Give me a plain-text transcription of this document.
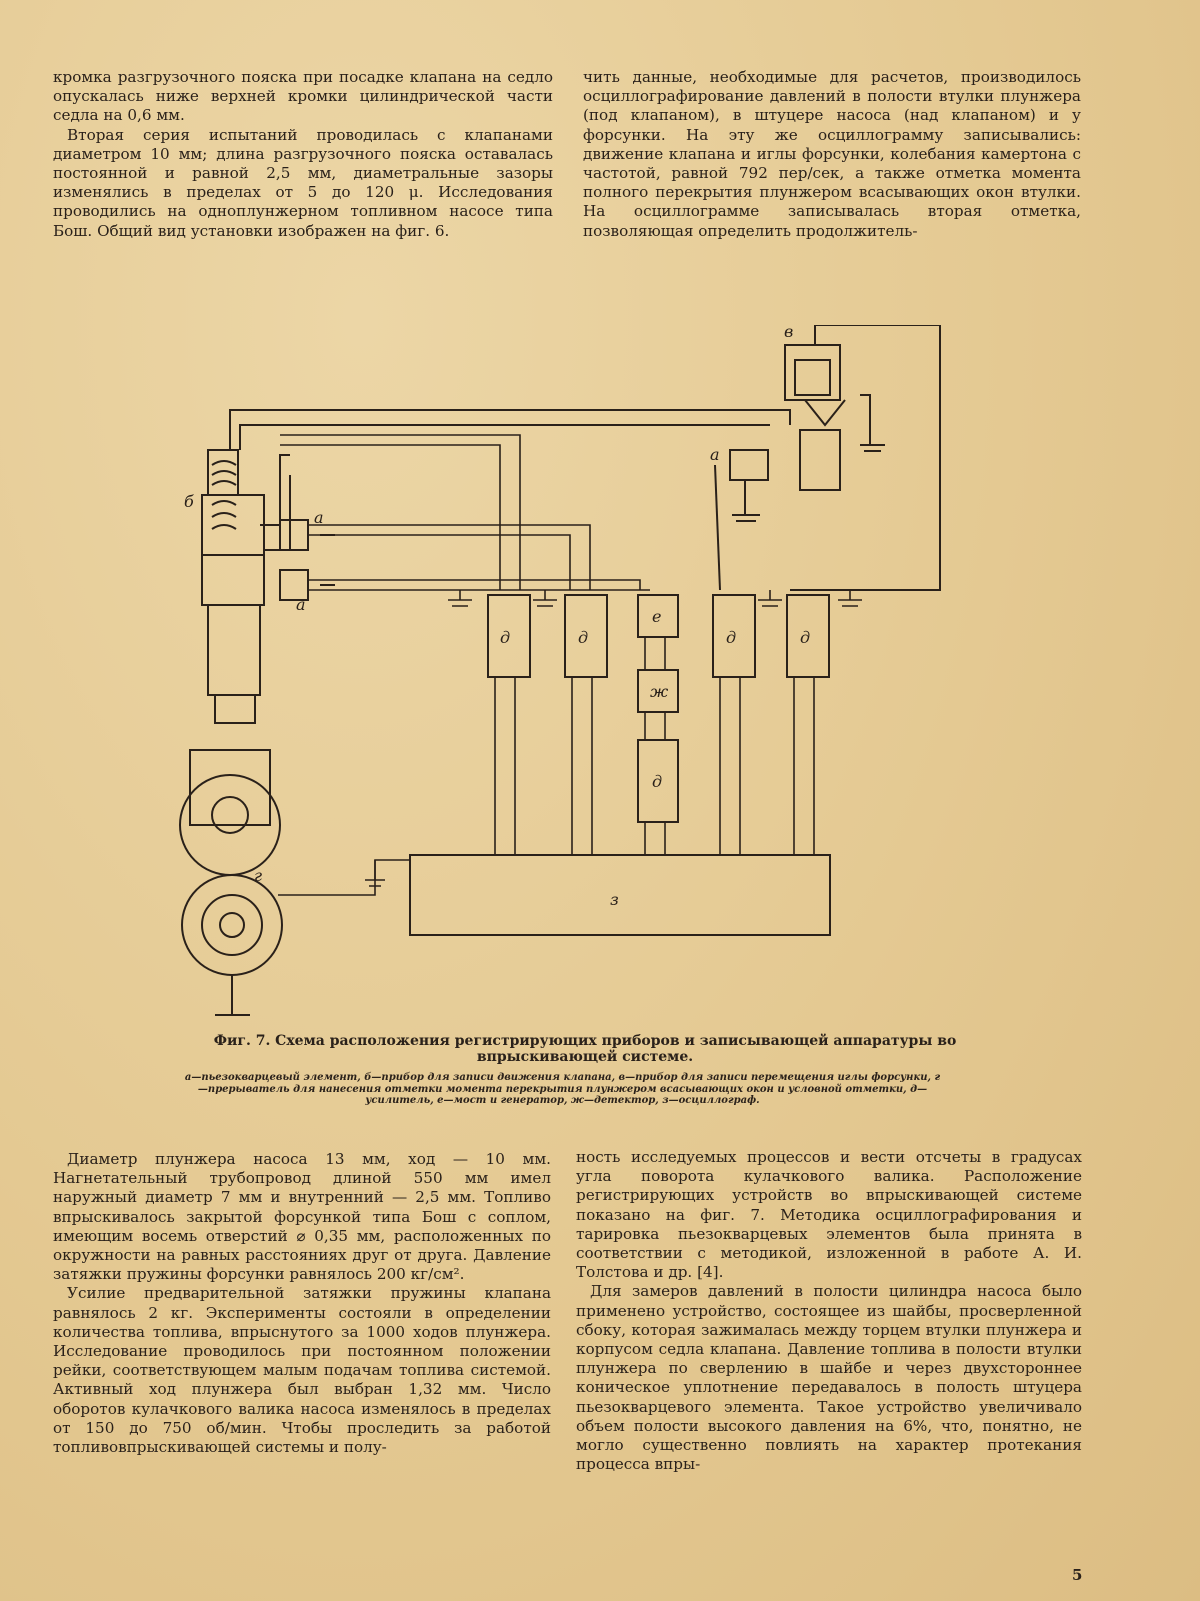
кромка разгрузочного пояска при посадке клапана на седло опускалась ниже верхней кромки цилиндрической части седла на 0,6 мм.

Вторая серия испытаний проводилась с клапанами диаметром 10 мм; длина разгрузочного пояска оставалась постоянной и равной 2,5 мм, диаметральные зазоры изменялись в пределах от 5 до 120 μ. Исследования проводились на одноплунжерном топливном насосе типа Бош. Общий вид установки изображен на фиг. 6.

чить данные, необходимые для расчетов, производилось осциллографирование давлений в полости втулки плунжера (под клапаном), в штуцере насоса (над клапаном) и у форсунки. На эту же осциллограмму записывались: движение клапана и иглы форсунки, колебания камертона с частотой, равной 792 пер/сек, а также отметка момента полного перекрытия плунжером всасывающих окон втулки. На осциллограмме записывалась вторая отметка, позволяющая определить продолжитель-

в
б
а
а
а
д	д
е
ж
д
д	д
г
з
Фиг. 7. Схема расположения регистрирующих приборов и записывающей аппаратуры во впрыскивающей системе.
а—пьезокварцевый элемент, б—прибор для записи движения клапана, в—прибор для записи перемещения иглы форсунки, г—прерыватель для нанесения отметки момента перекрытия плунжером всасывающих окон и условной отметки, д—усилитель, е—мост и генератор, ж—детектор, з—осциллограф.

Диаметр плунжера насоса 13 мм, ход — 10 мм. Нагнетательный трубопровод длиной 550 мм имел наружный диаметр 7 мм и внутренний — 2,5 мм. Топливо впрыскивалось закрытой форсункой типа Бош с соплом, имеющим восемь отверстий ⌀ 0,35 мм, расположенных по окружности на равных расстояниях друг от друга. Давление затяжки пружины форсунки равнялось 200 кг/см².

Усилие предварительной затяжки пружины клапана равнялось 2 кг. Эксперименты состояли в определении количества топлива, впрыснутого за 1000 ходов плунжера. Исследование проводилось при постоянном положении рейки, соответствующем малым подачам топлива системой. Активный ход плунжера был выбран 1,32 мм. Число оборотов кулачкового валика насоса изменялось в пределах от 150 до 750 об/мин. Чтобы проследить за работой топливовпрыскивающей системы и полу-

ность исследуемых процессов и вести отсчеты в градусах угла поворота кулачкового валика. Расположение регистрирующих устройств во впрыскивающей системе показано на фиг. 7. Методика осциллографирования и тарировка пьезокварцевых элементов была принята в соответствии с методикой, изложенной в работе А. И. Толстова и др. [4].

Для замеров давлений в полости цилиндра насоса было применено устройство, состоящее из шайбы, просверленной сбоку, которая зажималась между торцем втулки плунжера и корпусом седла клапана. Давление топлива в полости втулки плунжера по сверлению в шайбе и через двухстороннее коническое уплотнение передавалось в полость штуцера пьезокварцевого элемента. Такое устройство увеличивало объем полости высокого давления на 6%, что, понятно, не могло существенно повлиять на характер протекания процесса впры-

5
